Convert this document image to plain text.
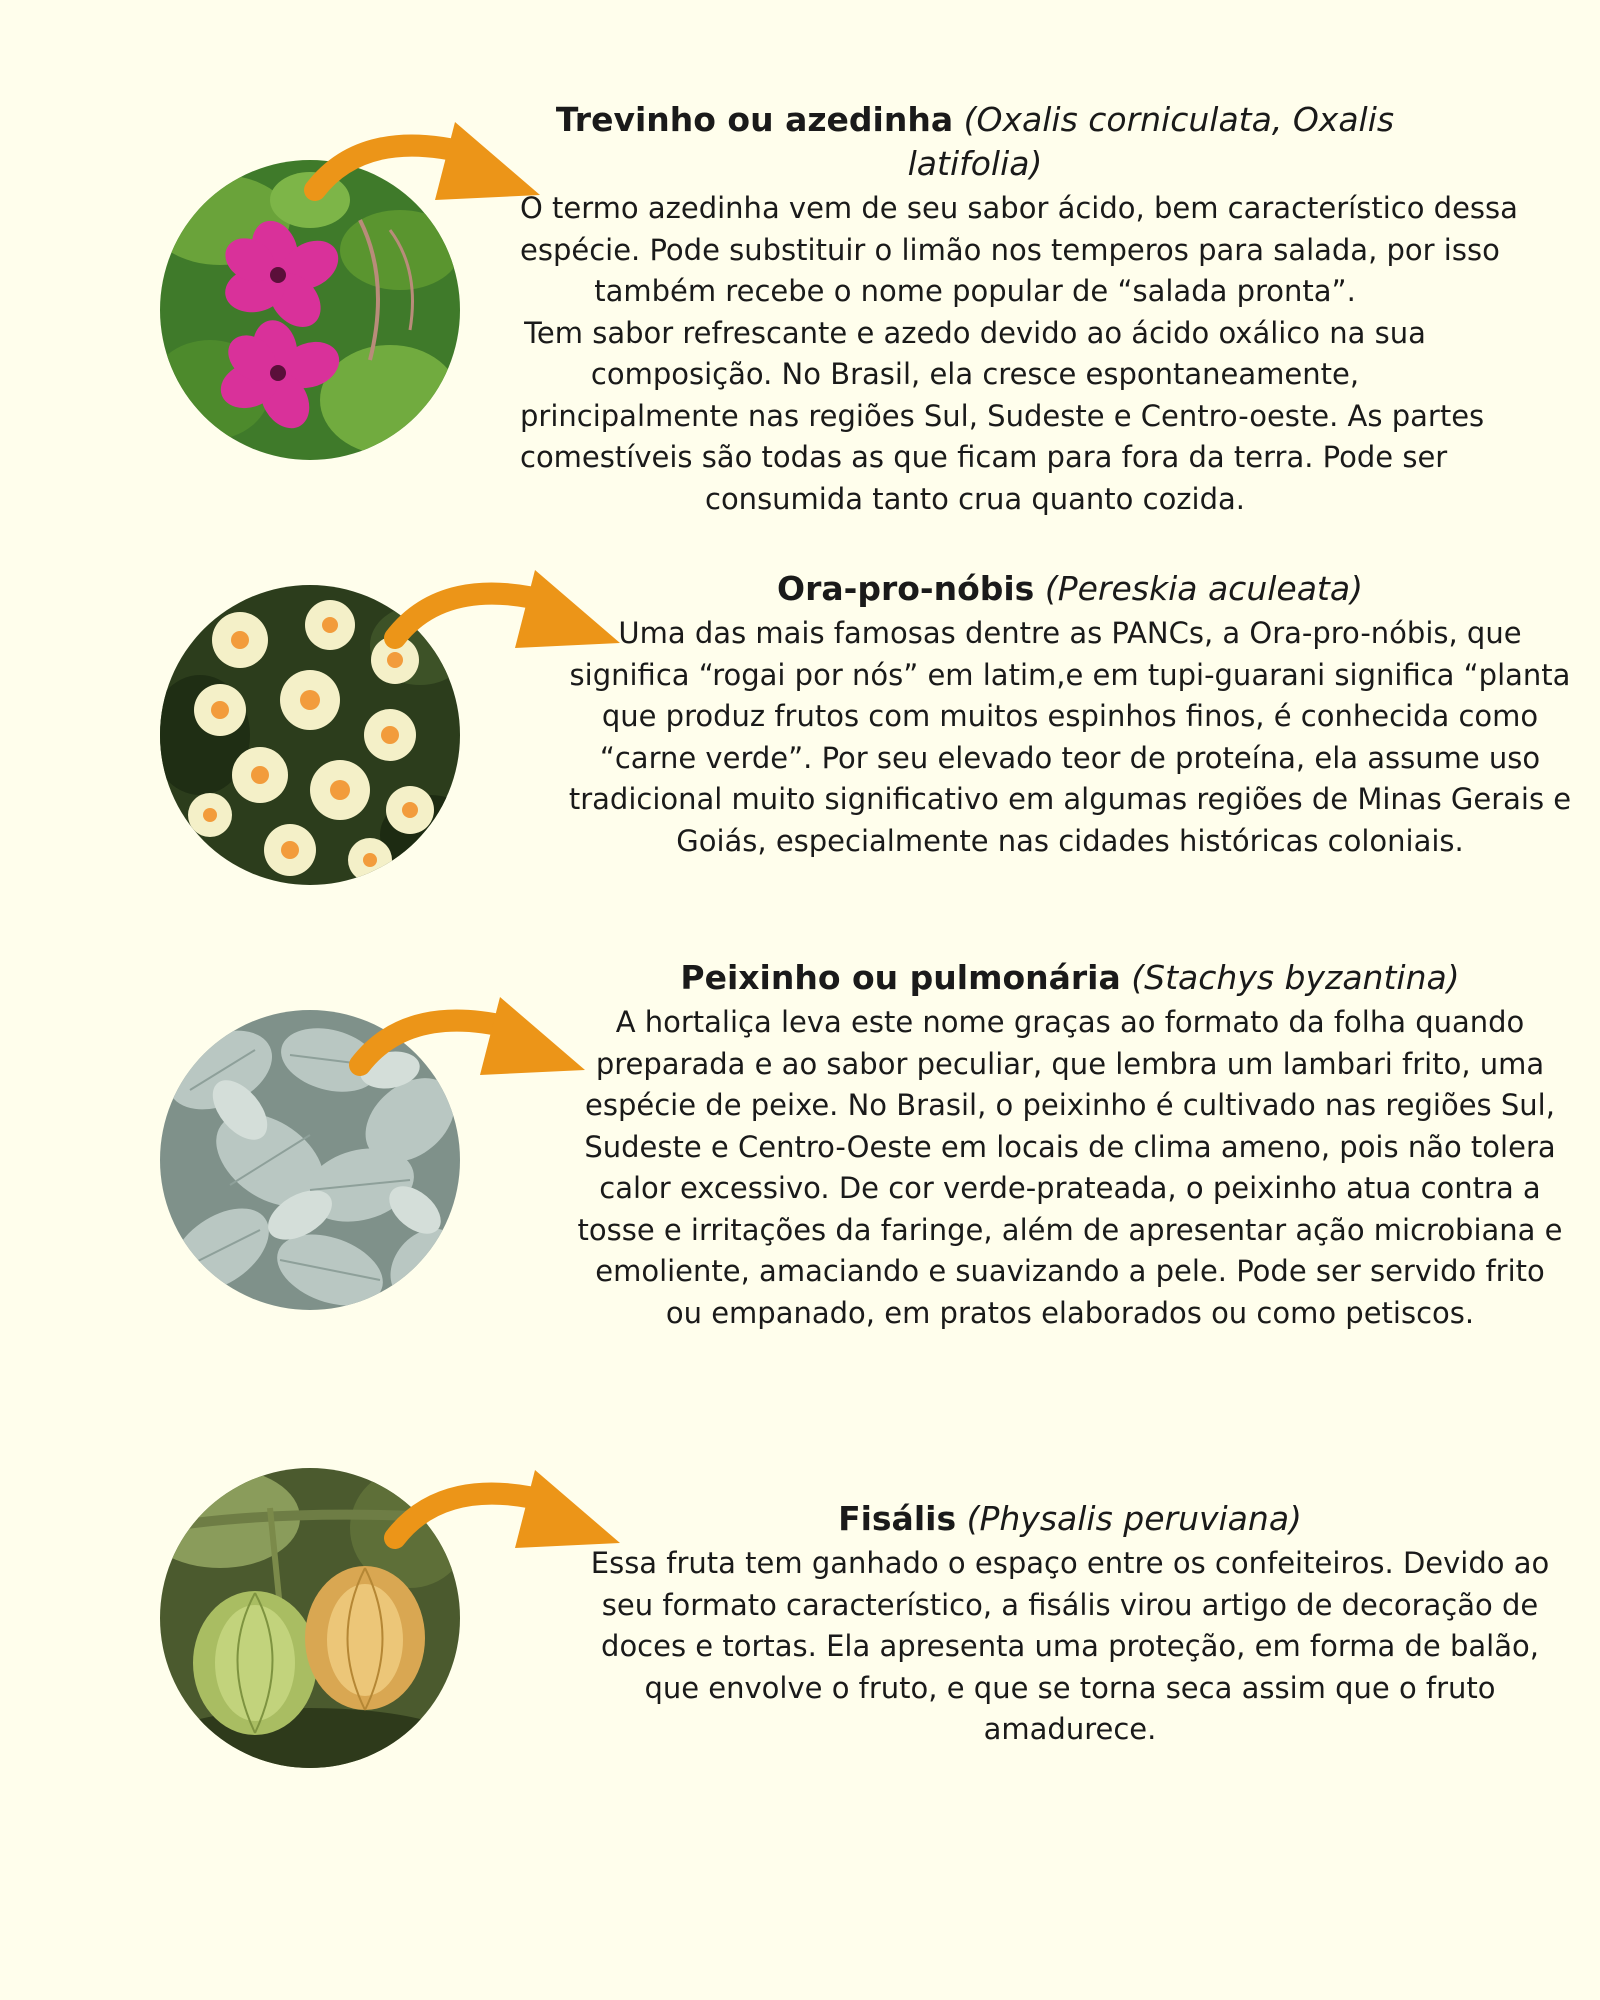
Trevinho ou azedinha (Oxalis corniculata, Oxalis latifolia)
O termo azedinha vem de seu sabor ácido, bem característico dessa
espécie. Pode substituir o limão nos temperos para salada, por isso
também recebe o nome popular de “salada pronta”.
Tem sabor refrescante e azedo devido ao ácido oxálico na sua
composição. No Brasil, ela cresce espontaneamente,
principalmente nas regiões Sul, Sudeste e Centro-oeste. As partes
comestíveis são todas as que ficam para fora da terra. Pode ser
consumida tanto crua quanto cozida.
Ora-pro-nóbis (Pereskia aculeata)
Uma das mais famosas dentre as PANCs, a Ora-pro-nóbis, que
significa “rogai por nós” em latim,e em tupi-guarani significa “planta
que produz frutos com muitos espinhos finos, é conhecida como
“carne verde”. Por seu elevado teor de proteína, ela assume uso
tradicional muito significativo em algumas regiões de Minas Gerais e
Goiás, especialmente nas cidades históricas coloniais.
Peixinho ou pulmonária (Stachys byzantina)
A hortaliça leva este nome graças ao formato da folha quando
preparada e ao sabor peculiar, que lembra um lambari frito, uma
espécie de peixe. No Brasil, o peixinho é cultivado nas regiões Sul,
Sudeste e Centro-Oeste em locais de clima ameno, pois não tolera
calor excessivo. De cor verde-prateada, o peixinho atua contra a
tosse e irritações da faringe, além de apresentar ação microbiana e
emoliente, amaciando e suavizando a pele. Pode ser servido frito
ou empanado, em pratos elaborados ou como petiscos.
Fisális (Physalis peruviana)
Essa fruta tem ganhado o espaço entre os confeiteiros. Devido ao
seu formato característico, a fisális virou artigo de decoração de
doces e tortas. Ela apresenta uma proteção, em forma de balão,
que envolve o fruto, e que se torna seca assim que o fruto
amadurece.
